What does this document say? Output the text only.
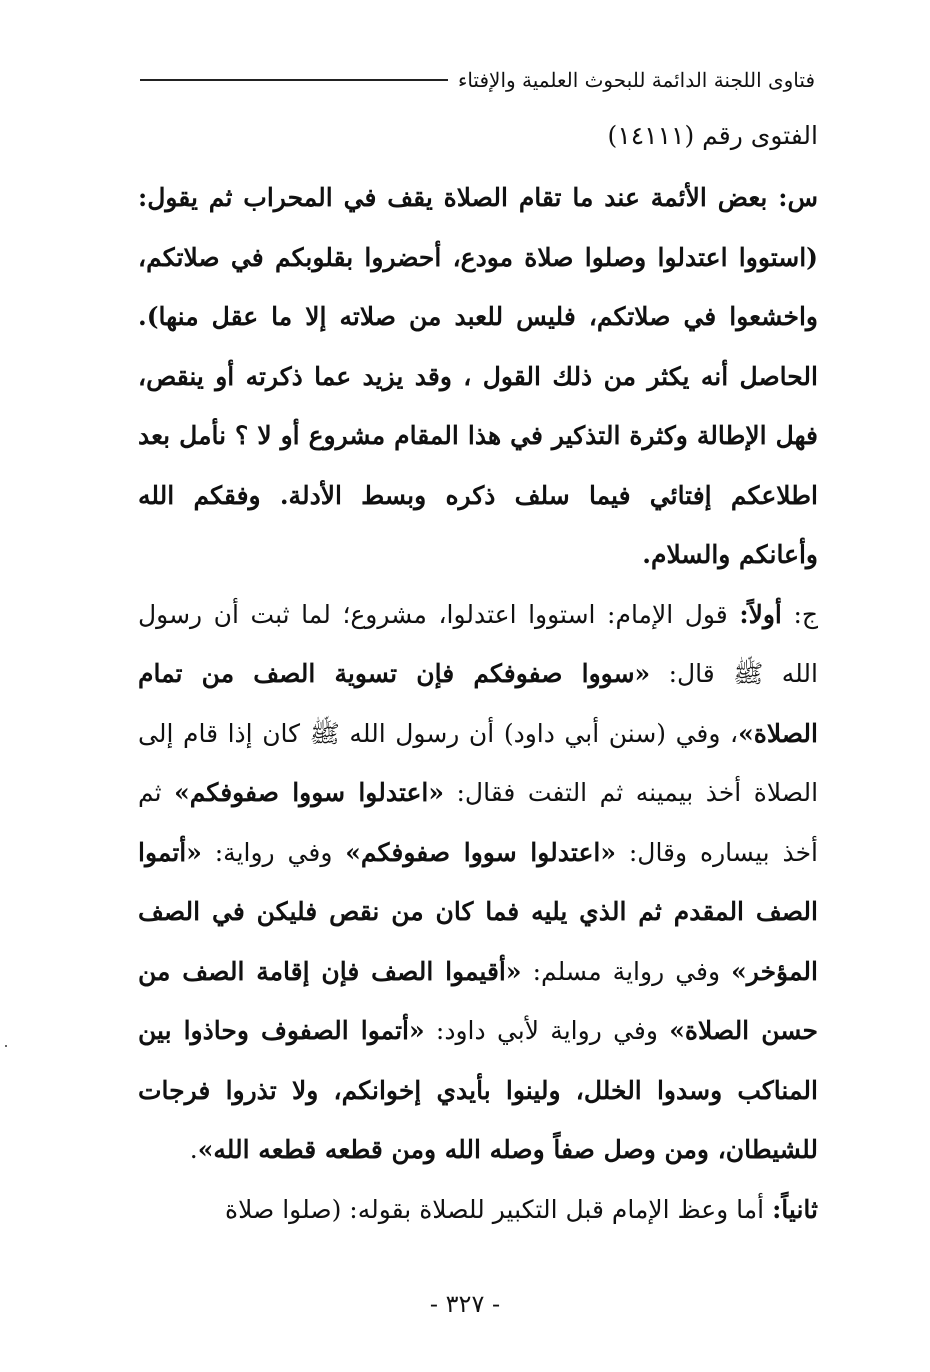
فتاوى اللجنة الدائمة للبحوث العلمية والإفتاء
الفتوى رقم (١٤١١١)

س: بعض الأئمة عند ما تقام الصلاة يقف في المحراب ثم يقول: (استووا اعتدلوا وصلوا صلاة مودع، أحضروا بقلوبكم في صلاتكم، واخشعوا في صلاتكم، فليس للعبد من صلاته إلا ما عقل منها). الحاصل أنه يكثر من ذلك القول ، وقد يزيد عما ذكرته أو ينقص، فهل الإطالة وكثرة التذكير في هذا المقام مشروع أو لا ؟ نأمل بعد اطلاعكم إفتائي فيما سلف ذكره وبسط الأدلة. وفقكم الله وأعانكم والسلام.

ج: أولاً: قول الإمام: استووا اعتدلوا، مشروع؛ لما ثبت أن رسول الله ﷺ قال: «سووا صفوفكم فإن تسوية الصف من تمام الصلاة»، وفي (سنن أبي داود) أن رسول الله ﷺ كان إذا قام إلى الصلاة أخذ بيمينه ثم التفت فقال: «اعتدلوا سووا صفوفكم» ثم أخذ بيساره وقال: «اعتدلوا سووا صفوفكم» وفي رواية: «أتموا الصف المقدم ثم الذي يليه فما كان من نقص فليكن في الصف المؤخر» وفي رواية مسلم: «أقيموا الصف فإن إقامة الصف من حسن الصلاة» وفي رواية لأبي داود: «أتموا الصفوف وحاذوا بين المناكب وسدوا الخلل، ولينوا بأيدي إخوانكم، ولا تذروا فرجات للشيطان، ومن وصل صفاً وصله الله ومن قطعه قطعه الله».

ثانياً: أما وعظ الإمام قبل التكبير للصلاة بقوله: (صلوا صلاة

- ٣٢٧ -
